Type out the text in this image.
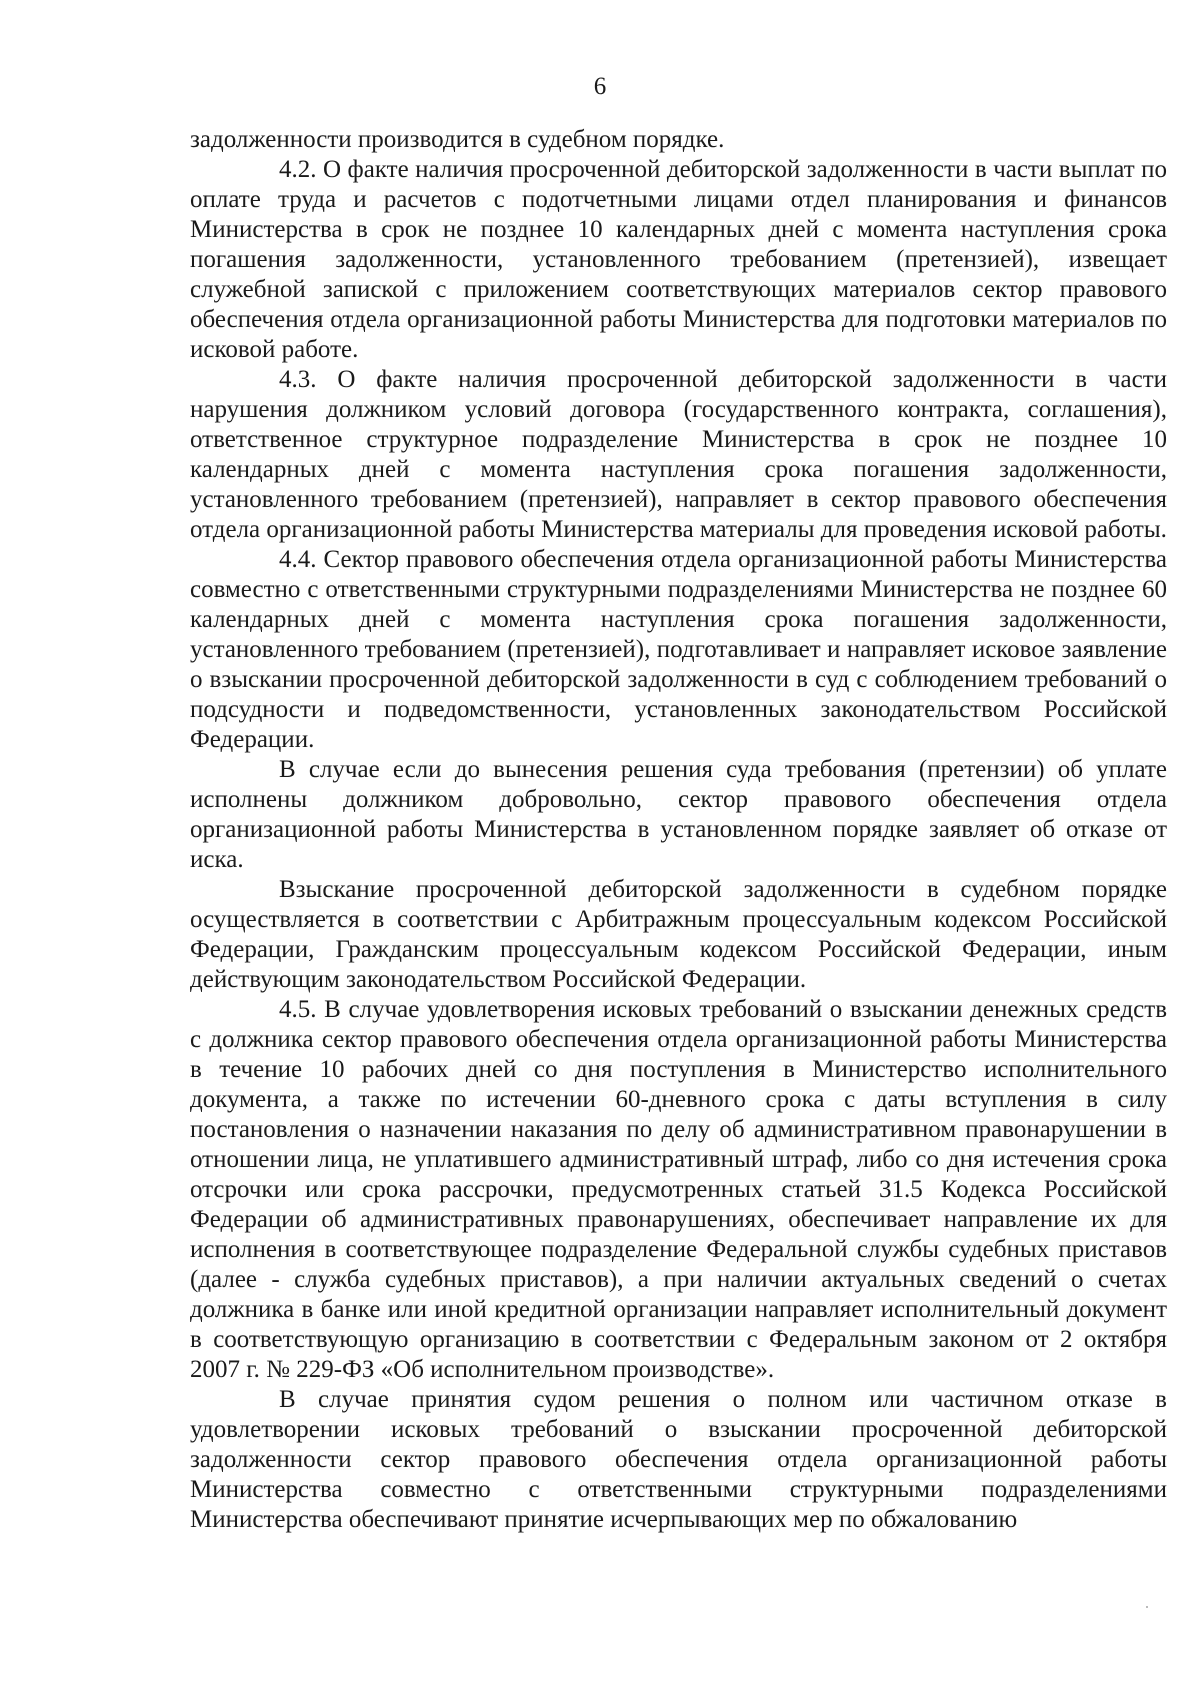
6

задолженности производится в судебном порядке.

4.2. О факте наличия просроченной дебиторской задолженности в части выплат по оплате труда и расчетов с подотчетными лицами отдел планирования и финансов Министерства в срок не позднее 10 календарных дней с момента наступления срока погашения задолженности, установленного требованием (претензией), извещает служебной запиской с приложением соответствующих материалов сектор правового обеспечения отдела организационной работы Министерства для подготовки материалов по исковой работе.

4.3. О факте наличия просроченной дебиторской задолженности в части нарушения должником условий договора (государственного контракта, соглашения), ответственное структурное подразделение Министерства в срок не позднее 10 календарных дней с момента наступления срока погашения задолженности, установленного требованием (претензией), направляет в сектор правового обеспечения отдела организационной работы Министерства материалы для проведения исковой работы.

4.4. Сектор правового обеспечения отдела организационной работы Министерства совместно с ответственными структурными подразделениями Министерства не позднее 60 календарных дней с момента наступления срока погашения задолженности, установленного требованием (претензией), подготавливает и направляет исковое заявление о взыскании просроченной дебиторской задолженности в суд с соблюдением требований о подсудности и подведомственности, установленных законодательством Российской Федерации.

В случае если до вынесения решения суда требования (претензии) об уплате исполнены должником добровольно, сектор правового обеспечения отдела организационной работы Министерства в установленном порядке заявляет об отказе от иска.

Взыскание просроченной дебиторской задолженности в судебном порядке осуществляется в соответствии с Арбитражным процессуальным кодексом Российской Федерации, Гражданским процессуальным кодексом Российской Федерации, иным действующим законодательством Российской Федерации.

4.5. В случае удовлетворения исковых требований о взыскании денежных средств с должника сектор правового обеспечения отдела организационной работы Министерства в течение 10 рабочих дней со дня поступления в Министерство исполнительного документа, а также по истечении 60-дневного срока с даты вступления в силу постановления о назначении наказания по делу об административном правонарушении в отношении лица, не уплатившего административный штраф, либо со дня истечения срока отсрочки или срока рассрочки, предусмотренных статьей 31.5 Кодекса Российской Федерации об административных правонарушениях, обеспечивает направление их для исполнения в соответствующее подразделение Федеральной службы судебных приставов (далее - служба судебных приставов), а при наличии актуальных сведений о счетах должника в банке или иной кредитной организации направляет исполнительный документ в соответствующую организацию в соответствии с Федеральным законом от 2 октября 2007 г. № 229-ФЗ «Об исполнительном производстве».

В случае принятия судом решения о полном или частичном отказе в удовлетворении исковых требований о взыскании просроченной дебиторской задолженности сектор правового обеспечения отдела организационной работы Министерства совместно с ответственными структурными подразделениями Министерства обеспечивают принятие исчерпывающих мер по обжалованию
